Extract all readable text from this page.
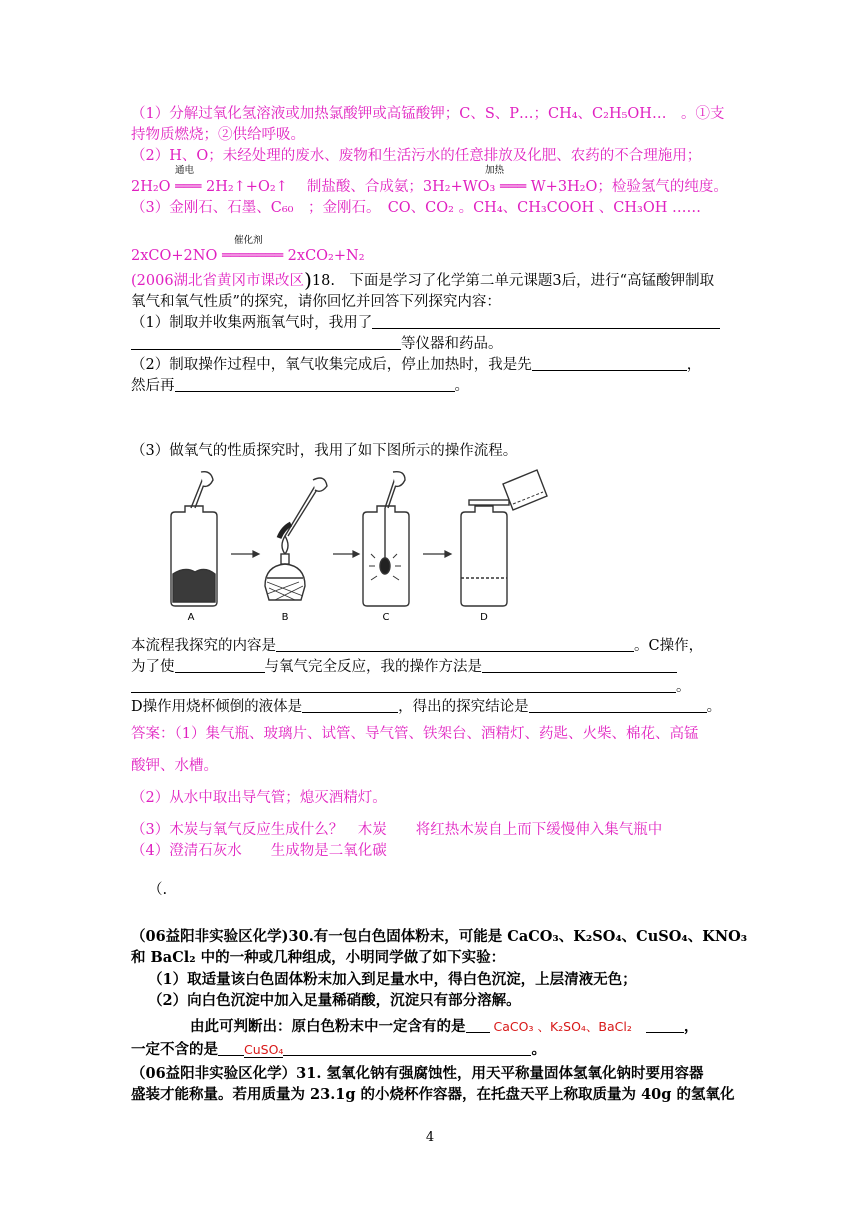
（1）分解过氧化氢溶液或加热氯酸钾或高锰酸钾；C、S、P…；CH₄、C₂H₅OH…　。①支
持物质燃烧；②供给呼吸。
（2）H、O；未经处理的废水、废物和生活污水的任意排放及化肥、农药的不合理施用；
通电	加热
2H₂O ═══ 2H₂↑+O₂↑　 制盐酸、合成氨；3H₂+WO₃ ═══ W+3H₂O；检验氢气的纯度。
（3）金刚石、石墨、C₆₀　；金刚石。　CO、CO₂ 。CH₄、CH₃COOH 、CH₃OH ……
催化剂
2xCO+2NO ═══════ 2xCO₂+N₂
(2006湖北省黄冈市课改区)18.　下面是学习了化学第二单元课题3后，进行“高锰酸钾制取
氧气和氧气性质”的探究，请你回忆并回答下列探究内容：
（1）制取并收集两瓶氧气时，我用了
等仪器和药品。
（2）制取操作过程中，氧气收集完成后，停止加热时，我是先	，
然后再	。
（3）做氧气的性质探究时，我用了如下图所示的操作流程。
A	B	C	D
本流程我探究的内容是	。C操作，
为了使	与氧气完全反应，我的操作方法是
。
D操作用烧杯倾倒的液体是	，得出的探究结论是	。
答案：（1）集气瓶、玻璃片、试管、导气管、铁架台、酒精灯、药匙、火柴、棉花、高锰
酸钾、水槽。
（2）从水中取出导气管；熄灭酒精灯。
（3）木炭与氧气反应生成什么？　木炭　　将红热木炭自上而下缓慢伸入集气瓶中
（4）澄清石灰水　　生成物是二氧化碳
（.
（06益阳非实验区化学)30.有一包白色固体粉末，可能是 CaCO₃、K₂SO₄、CuSO₄、KNO₃
和 BaCl₂ 中的一种或几种组成，小明同学做了如下实验：
（1）取适量该白色固体粉末加入到足量水中，得白色沉淀，上层清液无色；
（2）向白色沉淀中加入足量稀硝酸，沉淀只有部分溶解。
由此可判断出：原白色粉末中一定含有的是 CaCO₃ 、K₂SO₄、BaCl₂	，
一定不含的是 CuSO₄	。
（06益阳非实验区化学）31. 氢氧化钠有强腐蚀性，用天平称量固体氢氧化钠时要用容器
盛装才能称量。若用质量为 23.1g 的小烧杯作容器，在托盘天平上称取质量为 40g 的氢氧化
4
